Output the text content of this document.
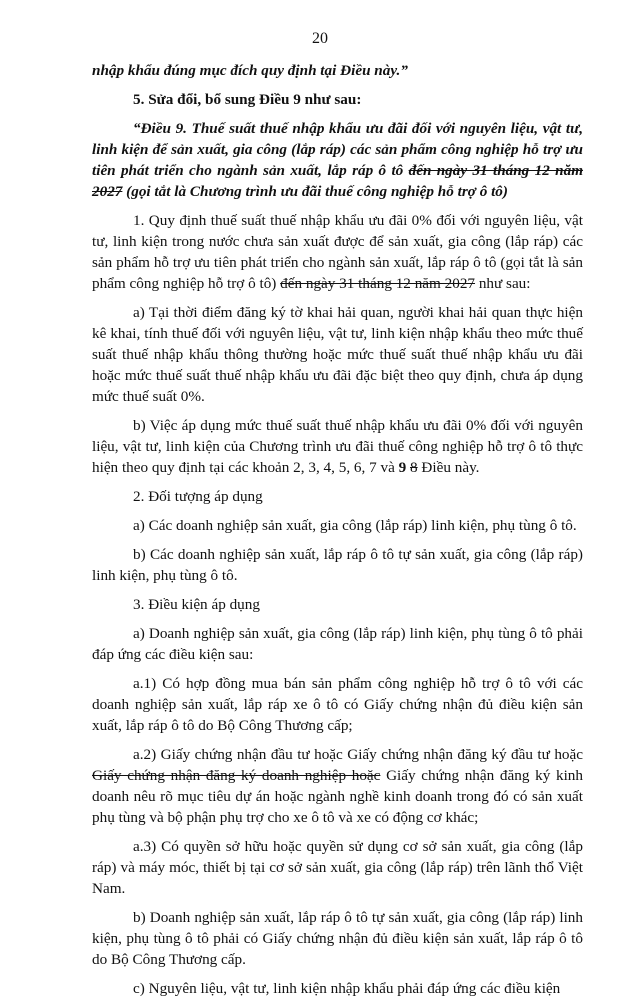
20

nhập khẩu đúng mục đích quy định tại Điều này.”

5. Sửa đổi, bổ sung Điều 9 như sau:

“Điều 9. Thuế suất thuế nhập khẩu ưu đãi đối với nguyên liệu, vật tư, linh kiện để sản xuất, gia công (lắp ráp) các sản phẩm công nghiệp hỗ trợ ưu tiên phát triển cho ngành sản xuất, lắp ráp ô tô đến ngày 31 tháng 12 năm 2027 (gọi tắt là Chương trình ưu đãi thuế công nghiệp hỗ trợ ô tô)

1. Quy định thuế suất thuế nhập khẩu ưu đãi 0% đối với nguyên liệu, vật tư, linh kiện trong nước chưa sản xuất được để sản xuất, gia công (lắp ráp) các sản phẩm hỗ trợ ưu tiên phát triển cho ngành sản xuất, lắp ráp ô tô (gọi tắt là sản phẩm công nghiệp hỗ trợ ô tô) đến ngày 31 tháng 12 năm 2027 như sau:

a) Tại thời điểm đăng ký tờ khai hải quan, người khai hải quan thực hiện kê khai, tính thuế đối với nguyên liệu, vật tư, linh kiện nhập khẩu theo mức thuế suất thuế nhập khẩu thông thường hoặc mức thuế suất thuế nhập khẩu ưu đãi hoặc mức thuế suất thuế nhập khẩu ưu đãi đặc biệt theo quy định, chưa áp dụng mức thuế suất 0%.

b) Việc áp dụng mức thuế suất thuế nhập khẩu ưu đãi 0% đối với nguyên liệu, vật tư, linh kiện của Chương trình ưu đãi thuế công nghiệp hỗ trợ ô tô thực hiện theo quy định tại các khoản 2, 3, 4, 5, 6, 7 và 9 8 Điều này.

2. Đối tượng áp dụng

a) Các doanh nghiệp sản xuất, gia công (lắp ráp) linh kiện, phụ tùng ô tô.

b) Các doanh nghiệp sản xuất, lắp ráp ô tô tự sản xuất, gia công (lắp ráp) linh kiện, phụ tùng ô tô.

3. Điều kiện áp dụng

a) Doanh nghiệp sản xuất, gia công (lắp ráp) linh kiện, phụ tùng ô tô phải đáp ứng các điều kiện sau:

a.1) Có hợp đồng mua bán sản phẩm công nghiệp hỗ trợ ô tô với các doanh nghiệp sản xuất, lắp ráp xe ô tô có Giấy chứng nhận đủ điều kiện sản xuất, lắp ráp ô tô do Bộ Công Thương cấp;

a.2) Giấy chứng nhận đầu tư hoặc Giấy chứng nhận đăng ký đầu tư hoặc Giấy chứng nhận đăng ký doanh nghiệp hoặc Giấy chứng nhận đăng ký kinh doanh nêu rõ mục tiêu dự án hoặc ngành nghề kinh doanh trong đó có sản xuất phụ tùng và bộ phận phụ trợ cho xe ô tô và xe có động cơ khác;

a.3) Có quyền sở hữu hoặc quyền sử dụng cơ sở sản xuất, gia công (lắp ráp) và máy móc, thiết bị tại cơ sở sản xuất, gia công (lắp ráp) trên lãnh thổ Việt Nam.

b) Doanh nghiệp sản xuất, lắp ráp ô tô tự sản xuất, gia công (lắp ráp) linh kiện, phụ tùng ô tô phải có Giấy chứng nhận đủ điều kiện sản xuất, lắp ráp ô tô do Bộ Công Thương cấp.

c) Nguyên liệu, vật tư, linh kiện nhập khẩu phải đáp ứng các điều kiện
